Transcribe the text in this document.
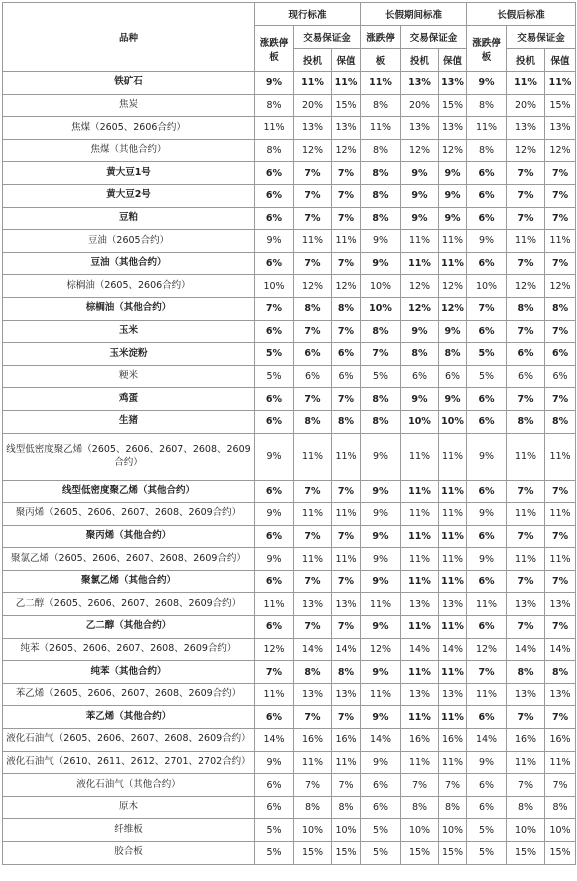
品种	现行标准			长假期间标准			长假后标准		
	涨跌停板	交易保证金		涨跌停	交易保证金		涨跌停板	交易保证金	
		投机	保值	板	投机	保值		投机	保值
铁矿石	9%	11%	11%	11%	13%	13%	9%	11%	11%
焦炭	8%	20%	15%	8%	20%	15%	8%	20%	15%
焦煤（2605、2606合约）	11%	13%	13%	11%	13%	13%	11%	13%	13%
焦煤（其他合约）	8%	12%	12%	8%	12%	12%	8%	12%	12%
黄大豆1号	6%	7%	7%	8%	9%	9%	6%	7%	7%
黄大豆2号	6%	7%	7%	8%	9%	9%	6%	7%	7%
豆粕	6%	7%	7%	8%	9%	9%	6%	7%	7%
豆油（2605合约）	9%	11%	11%	9%	11%	11%	9%	11%	11%
豆油（其他合约）	6%	7%	7%	9%	11%	11%	6%	7%	7%
棕榈油（2605、2606合约）	10%	12%	12%	10%	12%	12%	10%	12%	12%
棕榈油（其他合约）	7%	8%	8%	10%	12%	12%	7%	8%	8%
玉米	6%	7%	7%	8%	9%	9%	6%	7%	7%
玉米淀粉	5%	6%	6%	7%	8%	8%	5%	6%	6%
粳米	5%	6%	6%	5%	6%	6%	5%	6%	6%
鸡蛋	6%	7%	7%	8%	9%	9%	6%	7%	7%
生猪	6%	8%	8%	8%	10%	10%	6%	8%	8%
线型低密度聚乙烯（2605、2606、2607、2608、2609合约）	9%	11%	11%	9%	11%	11%	9%	11%	11%
线型低密度聚乙烯（其他合约）	6%	7%	7%	9%	11%	11%	6%	7%	7%
聚丙烯（2605、2606、2607、2608、2609合约）	9%	11%	11%	9%	11%	11%	9%	11%	11%
聚丙烯（其他合约）	6%	7%	7%	9%	11%	11%	6%	7%	7%
聚氯乙烯（2605、2606、2607、2608、2609合约）	9%	11%	11%	9%	11%	11%	9%	11%	11%
聚氯乙烯（其他合约）	6%	7%	7%	9%	11%	11%	6%	7%	7%
乙二醇（2605、2606、2607、2608、2609合约）	11%	13%	13%	11%	13%	13%	11%	13%	13%
乙二醇（其他合约）	6%	7%	7%	9%	11%	11%	6%	7%	7%
纯苯（2605、2606、2607、2608、2609合约）	12%	14%	14%	12%	14%	14%	12%	14%	14%
纯苯（其他合约）	7%	8%	8%	9%	11%	11%	7%	8%	8%
苯乙烯（2605、2606、2607、2608、2609合约）	11%	13%	13%	11%	13%	13%	11%	13%	13%
苯乙烯（其他合约）	6%	7%	7%	9%	11%	11%	6%	7%	7%
液化石油气（2605、2606、2607、2608、2609合约）	14%	16%	16%	14%	16%	16%	14%	16%	16%
液化石油气（2610、2611、2612、2701、2702合约）	9%	11%	11%	9%	11%	11%	9%	11%	11%
液化石油气（其他合约）	6%	7%	7%	6%	7%	7%	6%	7%	7%
原木	6%	8%	8%	6%	8%	8%	6%	8%	8%
纤维板	5%	10%	10%	5%	10%	10%	5%	10%	10%
胶合板	5%	15%	15%	5%	15%	15%	5%	15%	15%
